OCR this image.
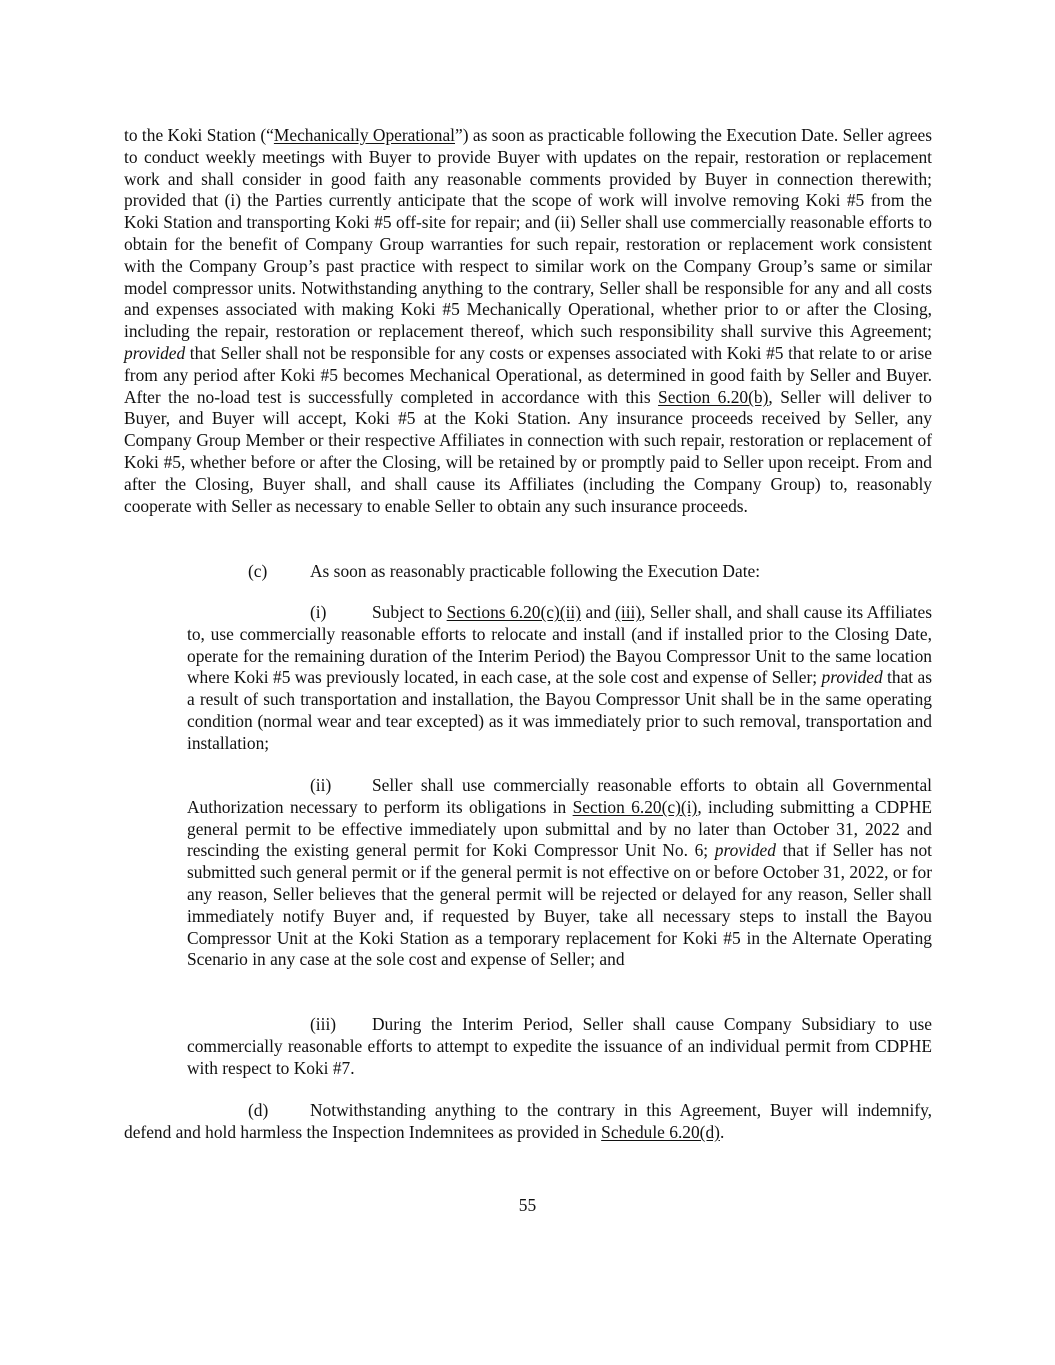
to the Koki Station (“Mechanically Operational”) as soon as practicable following the Execution Date. Seller agrees to conduct weekly meetings with Buyer to provide Buyer with updates on the repair, restoration or replacement work and shall consider in good faith any reasonable comments provided by Buyer in connection therewith; provided that (i) the Parties currently anticipate that the scope of work will involve removing Koki #5 from the Koki Station and transporting Koki #5 off-site for repair; and (ii) Seller shall use commercially reasonable efforts to obtain for the benefit of Company Group warranties for such repair, restoration or replacement work consistent with the Company Group’s past practice with respect to similar work on the Company Group’s same or similar model compressor units. Notwithstanding anything to the contrary, Seller shall be responsible for any and all costs and expenses associated with making Koki #5 Mechanically Operational, whether prior to or after the Closing, including the repair, restoration or replacement thereof, which such responsibility shall survive this Agreement; provided that Seller shall not be responsible for any costs or expenses associated with Koki #5 that relate to or arise from any period after Koki #5 becomes Mechanical Operational, as determined in good faith by Seller and Buyer. After the no-load test is successfully completed in accordance with this Section 6.20(b), Seller will deliver to Buyer, and Buyer will accept, Koki #5 at the Koki Station. Any insurance proceeds received by Seller, any Company Group Member or their respective Affiliates in connection with such repair, restoration or replacement of Koki #5, whether before or after the Closing, will be retained by or promptly paid to Seller upon receipt. From and after the Closing, Buyer shall, and shall cause its Affiliates (including the Company Group) to, reasonably cooperate with Seller as necessary to enable Seller to obtain any such insurance proceeds.

(c) As soon as reasonably practicable following the Execution Date:

(i)	Subject to Sections 6.20(c)(ii) and (iii), Seller shall, and shall cause its Affiliates to, use commercially reasonable efforts to relocate and install (and if installed prior to the Closing Date, operate for the remaining duration of the Interim Period) the Bayou Compressor Unit to the same location where Koki #5 was previously located, in each case, at the sole cost and expense of Seller; provided that as a result of such transportation and installation, the Bayou Compressor Unit shall be in the same operating condition (normal wear and tear excepted) as it was immediately prior to such removal, transportation and installation;

(ii) Seller shall use commercially reasonable efforts to obtain all Governmental Authorization necessary to perform its obligations in Section 6.20(c)(i), including submitting a CDPHE general permit to be effective immediately upon submittal and by no later than October 31, 2022 and rescinding the existing general permit for Koki Compressor Unit No. 6; provided that if Seller has not submitted such general permit or if the general permit is not effective on or before October 31, 2022, or for any reason, Seller believes that the general permit will be rejected or delayed for any reason, Seller shall immediately notify Buyer and, if requested by Buyer, take all necessary steps to install the Bayou Compressor Unit at the Koki Station as a temporary replacement for Koki #5 in the Alternate Operating Scenario in any case at the sole cost and expense of Seller; and

(iii) During the Interim Period, Seller shall cause Company Subsidiary to use commercially reasonable efforts to attempt to expedite the issuance of an individual permit from CDPHE with respect to Koki #7.

(d) Notwithstanding anything to the contrary in this Agreement, Buyer will indemnify, defend and hold harmless the Inspection Indemnitees as provided in Schedule 6.20(d).

55
